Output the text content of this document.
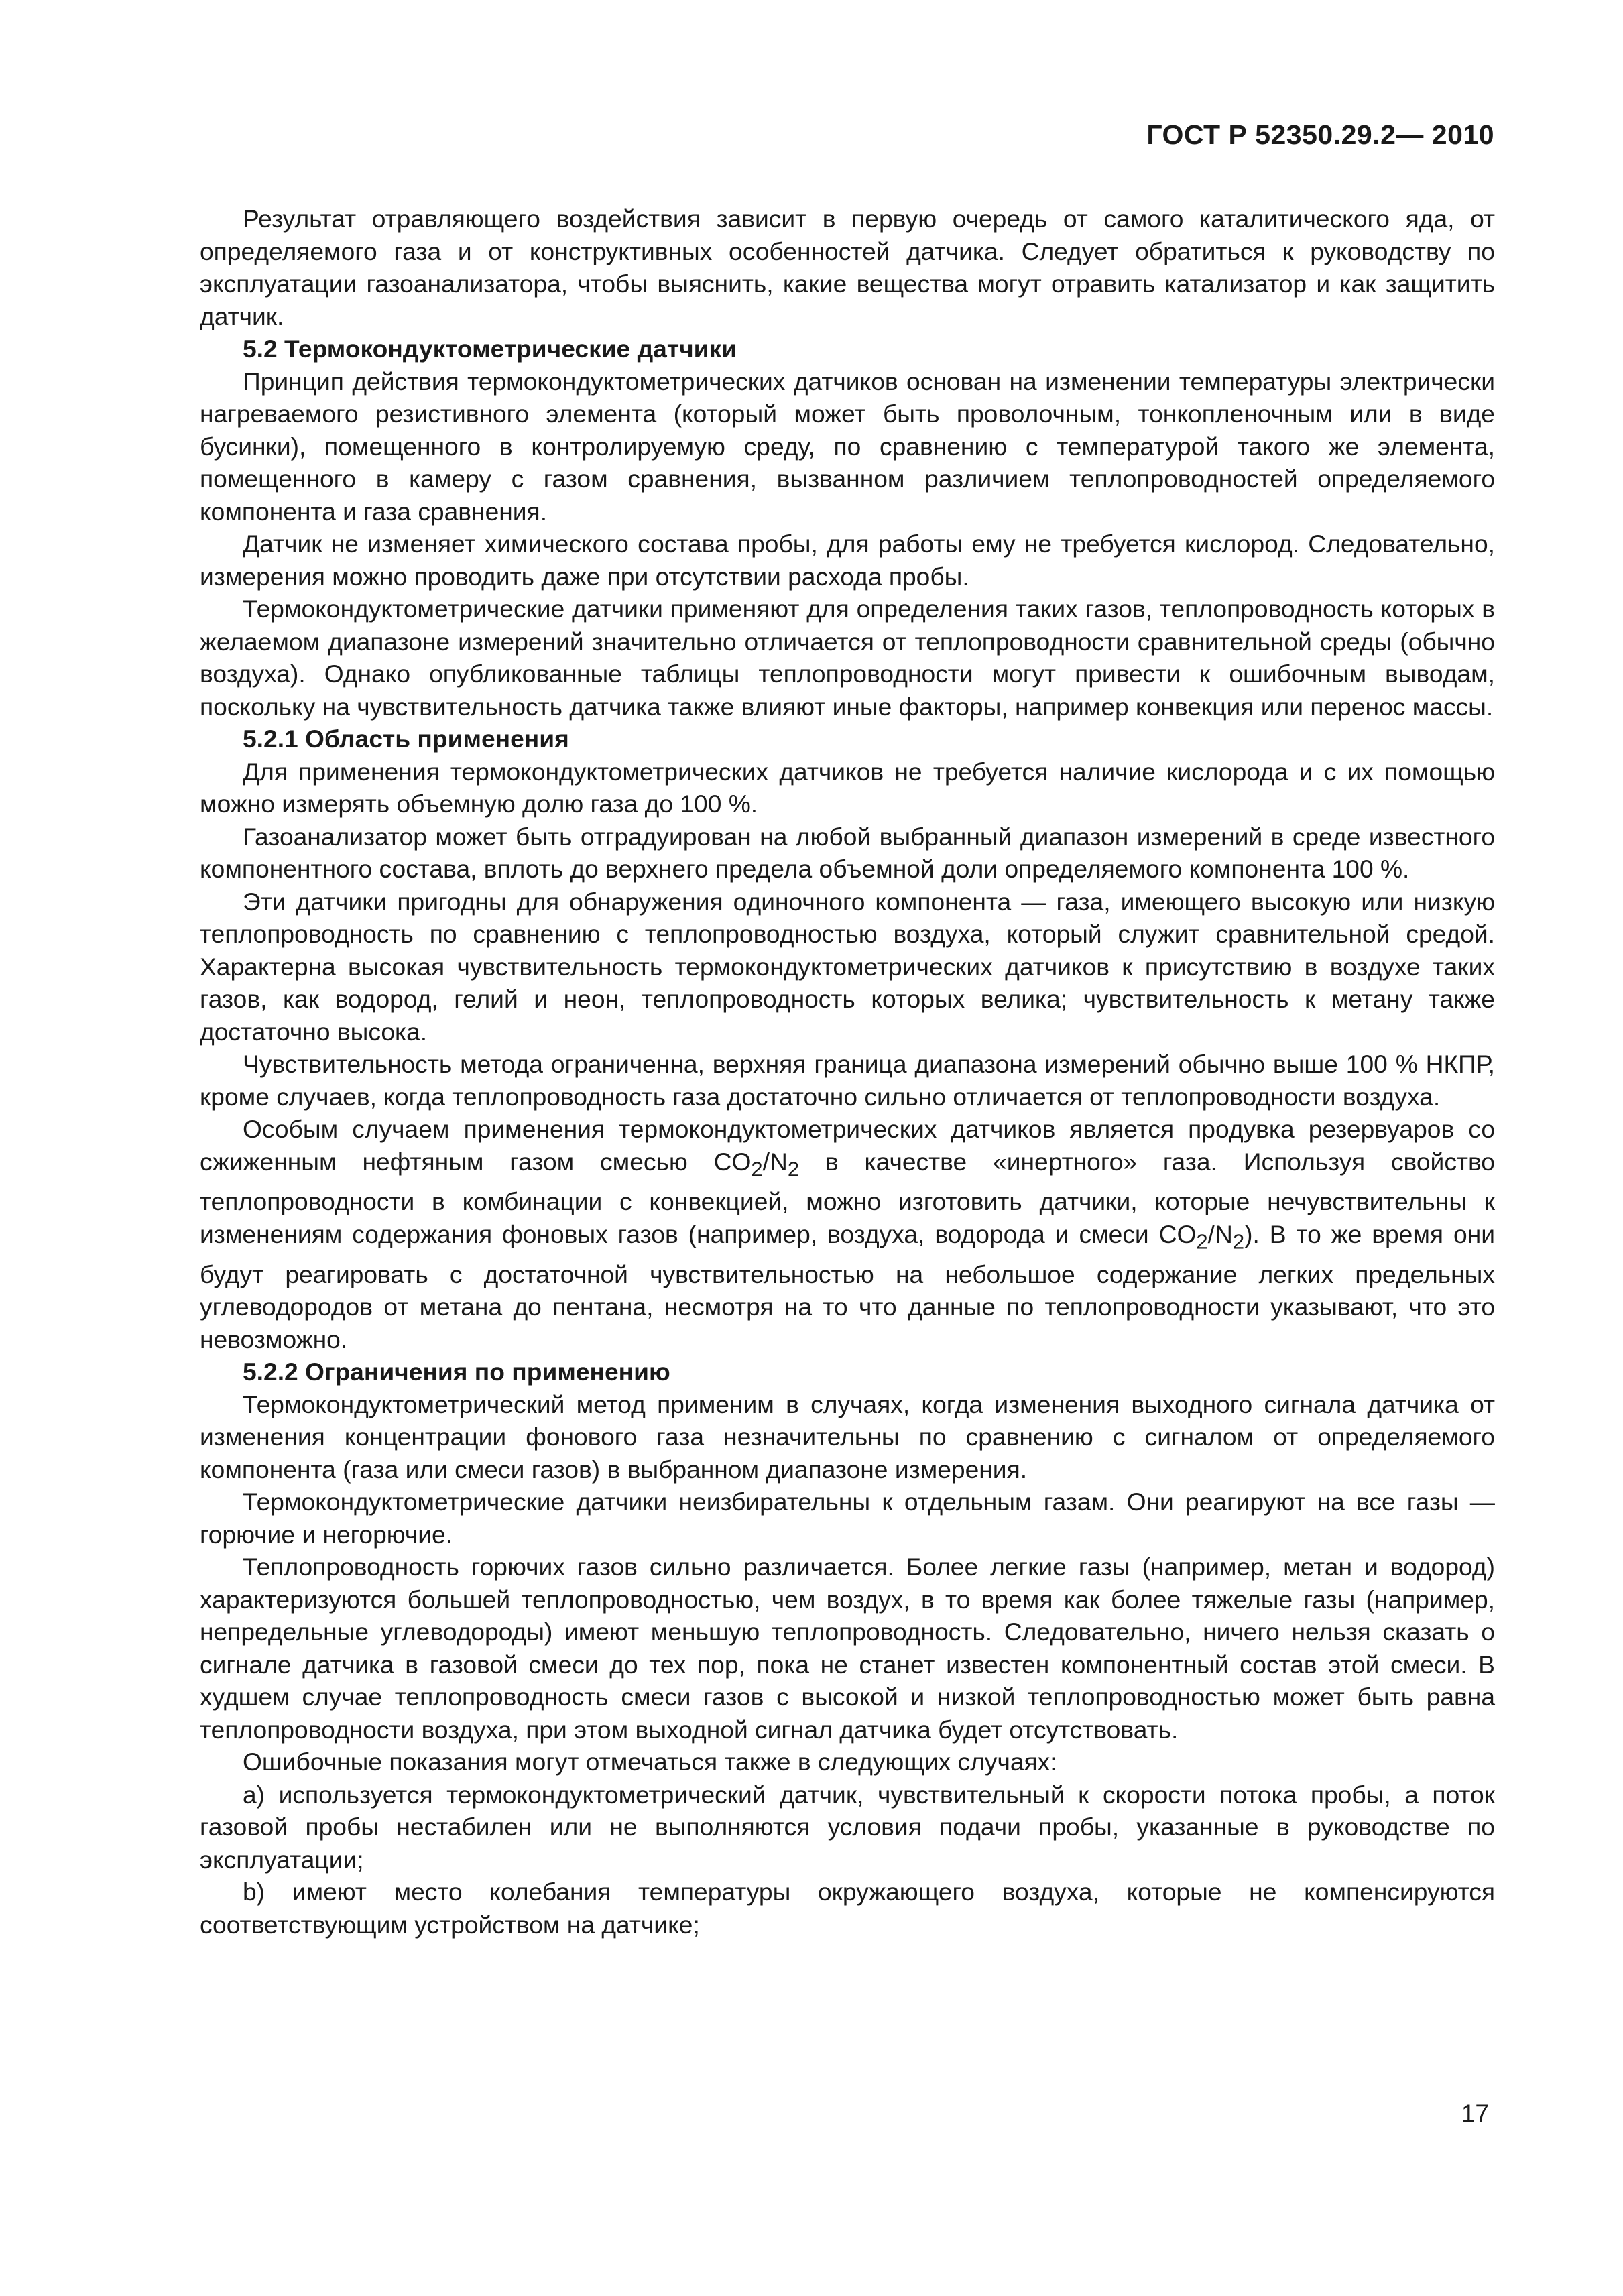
ГОСТ Р 52350.29.2— 2010

Результат отравляющего воздействия зависит в первую очередь от самого каталитического яда, от определяемого газа и от конструктивных особенностей датчика. Следует обратиться к руководству по эксплуатации газоанализатора, чтобы выяснить, какие вещества могут отравить катализатор и как защитить датчик.

5.2 Термокондуктометрические датчики

Принцип действия термокондуктометрических датчиков основан на изменении температуры электрически нагреваемого резистивного элемента (который может быть проволочным, тонкопленочным или в виде бусинки), помещенного в контролируемую среду, по сравнению с температурой такого же элемента, помещенного в камеру с газом сравнения, вызванном различием теплопроводностей определяемого компонента и газа сравнения.

Датчик не изменяет химического состава пробы, для работы ему не требуется кислород. Следовательно, измерения можно проводить даже при отсутствии расхода пробы.

Термокондуктометрические датчики применяют для определения таких газов, теплопроводность которых в желаемом диапазоне измерений значительно отличается от теплопроводности сравнительной среды (обычно воздуха). Однако опубликованные таблицы теплопроводности могут привести к ошибочным выводам, поскольку на чувствительность датчика также влияют иные факторы, например конвекция или перенос массы.

5.2.1 Область применения

Для применения термокондуктометрических датчиков не требуется наличие кислорода и с их помощью можно измерять объемную долю газа до 100 %.

Газоанализатор может быть отградуирован на любой выбранный диапазон измерений в среде известного компонентного состава, вплоть до верхнего предела объемной доли определяемого компонента 100 %.

Эти датчики пригодны для обнаружения одиночного компонента — газа, имеющего высокую или низкую теплопроводность по сравнению с теплопроводностью воздуха, который служит сравнительной средой. Характерна высокая чувствительность термокондуктометрических датчиков к присутствию в воздухе таких газов, как водород, гелий и неон, теплопроводность которых велика; чувствительность к метану также достаточно высока.

Чувствительность метода ограниченна, верхняя граница диапазона измерений обычно выше 100 % НКПР, кроме случаев, когда теплопроводность газа достаточно сильно отличается от теплопроводности воздуха.

Особым случаем применения термокондуктометрических датчиков является продувка резервуаров со сжиженным нефтяным газом смесью $CO_2/N_2$ в качестве «инертного» газа. Используя свойство теплопроводности в комбинации с конвекцией, можно изготовить датчики, которые нечувствительны к изменениям содержания фоновых газов (например, воздуха, водорода и смеси $CO_2/N_2$). В то же время они будут реагировать с достаточной чувствительностью на небольшое содержание легких предельных углеводородов от метана до пентана, несмотря на то что данные по теплопроводности указывают, что это невозможно.

5.2.2 Ограничения по применению

Термокондуктометрический метод применим в случаях, когда изменения выходного сигнала датчика от изменения концентрации фонового газа незначительны по сравнению с сигналом от определяемого компонента (газа или смеси газов) в выбранном диапазоне измерения.

Термокондуктометрические датчики неизбирательны к отдельным газам. Они реагируют на все газы — горючие и негорючие.

Теплопроводность горючих газов сильно различается. Более легкие газы (например, метан и водород) характеризуются большей теплопроводностью, чем воздух, в то время как более тяжелые газы (например, непредельные углеводороды) имеют меньшую теплопроводность. Следовательно, ничего нельзя сказать о сигнале датчика в газовой смеси до тех пор, пока не станет известен компонентный состав этой смеси. В худшем случае теплопроводность смеси газов с высокой и низкой теплопроводностью может быть равна теплопроводности воздуха, при этом выходной сигнал датчика будет отсутствовать.

Ошибочные показания могут отмечаться также в следующих случаях:

а) используется термокондуктометрический датчик, чувствительный к скорости потока пробы, а поток газовой пробы нестабилен или не выполняются условия подачи пробы, указанные в руководстве по эксплуатации;

b) имеют место колебания температуры окружающего воздуха, которые не компенсируются соответствующим устройством на датчике;

17
